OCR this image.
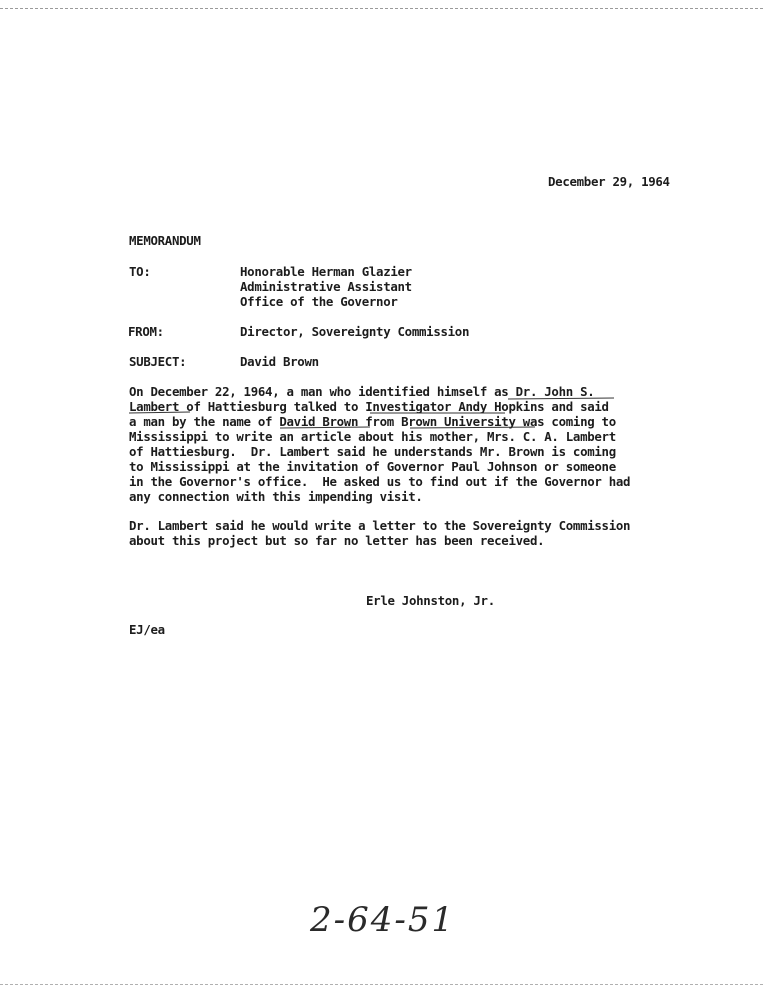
December 29, 1964
MEMORANDUM
TO:	Honorable Herman Glazier
Administrative Assistant
Office of the Governor
FROM:	Director, Sovereignty Commission
SUBJECT:	David Brown
On December 22, 1964, a man who identified himself as Dr. John S.
Lambert of Hattiesburg talked to Investigator Andy Hopkins and said
a man by the name of David Brown from Brown University was coming to
Mississippi to write an article about his mother, Mrs. C. A. Lambert
of Hattiesburg.  Dr. Lambert said he understands Mr. Brown is coming
to Mississippi at the invitation of Governor Paul Johnson or someone
in the Governor's office.  He asked us to find out if the Governor had
any connection with this impending visit.
Dr. Lambert said he would write a letter to the Sovereignty Commission
about this project but so far no letter has been received.
Erle Johnston, Jr.
EJ/ea
2-64-51
